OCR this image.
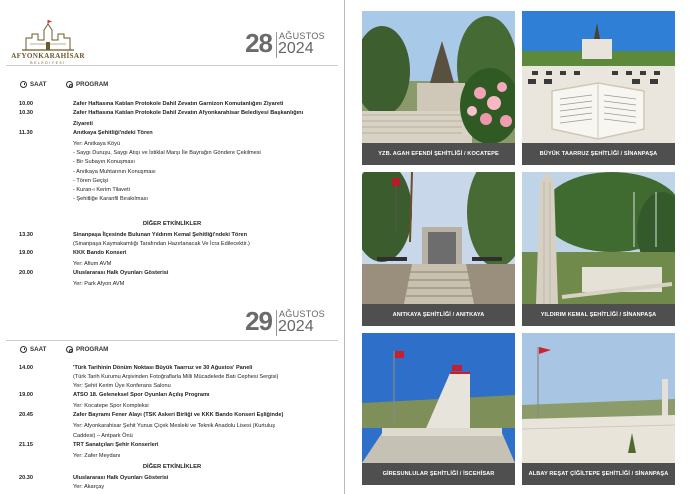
AFYONKARAHİSAR
BELEDİYESİ
28 AĞUSTOS
2024
SAAT	PROGRAM
10.00	Zafer Haftasına Katılan Protokole Dahil Zevatın Garnizon Komutanlığını Ziyareti
10.30	Zafer Haftasına Katılan Protokole Dahil Zevatın Afyonkarahisar Belediyesi Başkanlığını
Ziyareti
11.30	Anıtkaya Şehitliği'ndeki Tören
Yer: Anıtkaya Köyü
- Saygı Duruşu, Saygı Atışı ve İstiklal Marşı İle Bayrağın Göndere Çekilmesi
- Bir Subayın Konuşması
- Anıtkaya Muhtarının Konuşması
- Tören Geçişi
- Kuran-ı Kerim Tilaveti
- Şehitliğe Karanfil Bırakılması
DİĞER ETKİNLİKLER
13.30	Sinanpaşa İlçesinde Bulunan Yıldırım Kemal Şehitliği'ndeki Tören
(Sinanpaşa Kaymakamlığı Tarafından Hazırlanacak Ve İcra Edilecektir.)
19.00	KKK Bando Konseri
Yer: Afium AVM
20.00	Uluslararası Halk Oyunları Gösterisi
Yer: Park Afyon AVM
29 AĞUSTOS
2024
SAAT	PROGRAM
14.00	'Türk Tarihinin Dönüm Noktası Büyük Taarruz ve 30 Ağustos' Paneli
(Türk Tarih Kurumu Arşivinden Fotoğraflarla Milli Mücadelede Batı Cephesi Sergisi)
Yer: Şehit Kerim Üye Konferans Salonu
19.00	ATSO 18. Geleneksel Spor Oyunları Açılış Programı
Yer: Kocatepe Spor Kompleksi
20.45	Zafer Bayramı Fener Alayı (TSK Askeri Birliği ve KKK Bando Konseri Eşliğinde)
Yer: Afyonkarahisar Şehit Yunus Çiçek Mesleki ve Teknik Anadolu Lisesi (Kurtuluş
Caddesi) – Antpark Önü
21.15	TRT Sanatçıları Şehir Konserleri
Yer: Zafer Meydanı
DİĞER ETKİNLİKLER
20.30	Uluslararası Halk Oyunları Gösterisi
Yer: Akarçay
YZB. AGAH EFENDİ ŞEHİTLİĞİ / KOCATEPE	BÜYÜK TAARRUZ ŞEHİTLİĞİ / SİNANPAŞA
ANITKAYA ŞEHİTLİĞİ / ANITKAYA	YILDIRIM KEMAL ŞEHİTLİĞİ / SİNANPAŞA
GİRESUNLULAR ŞEHİTLİĞİ / İSCEHİSAR	ALBAY REŞAT ÇİĞİLTEPE ŞEHİTLİĞİ / SİNANPAŞA
